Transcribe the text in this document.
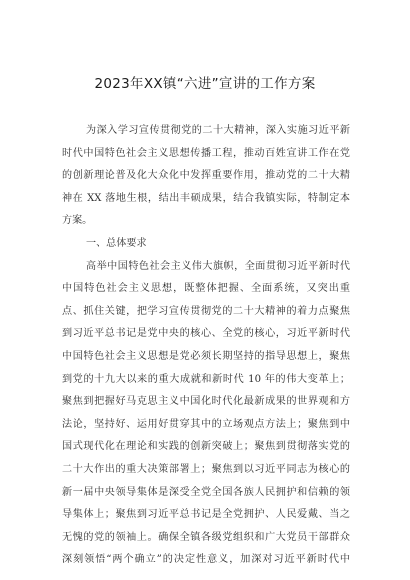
2023年XX镇“六进”宣讲的工作方案
为深入学习宣传贯彻党的二十大精神，深入实施习近平新
时代中国特色社会主义思想传播工程，推动百姓宣讲工作在党
的创新理论普及化大众化中发挥重要作用，推动党的二十大精
神在 XX 落地生根，结出丰硕成果，结合我镇实际，特制定本
方案。
一、总体要求
高举中国特色社会主义伟大旗帜，全面贯彻习近平新时代
中国特色社会主义思想，既整体把握、全面系统，又突出重
点、抓住关键，把学习宣传贯彻党的二十大精神的着力点聚焦
到习近平总书记是党中央的核心、全党的核心，习近平新时代
中国特色社会主义思想是党必须长期坚持的指导思想上，聚焦
到党的十九大以来的重大成就和新时代 10 年的伟大变革上；
聚焦到把握好马克思主义中国化时代化最新成果的世界观和方
法论，坚持好、运用好贯穿其中的立场观点方法上；聚焦到中
国式现代化在理论和实践的创新突破上；聚焦到贯彻落实党的
二十大作出的重大决策部署上；聚焦到以习近平同志为核心的
新一届中央领导集体是深受全党全国各族人民拥护和信赖的领
导集体上；聚焦到习近平总书记是全党拥护、人民爱戴、当之
无愧的党的领袖上。确保全镇各级党组织和广大党员干部群众
深刻领悟“两个确立”的决定性意义，加深对习近平新时代中
